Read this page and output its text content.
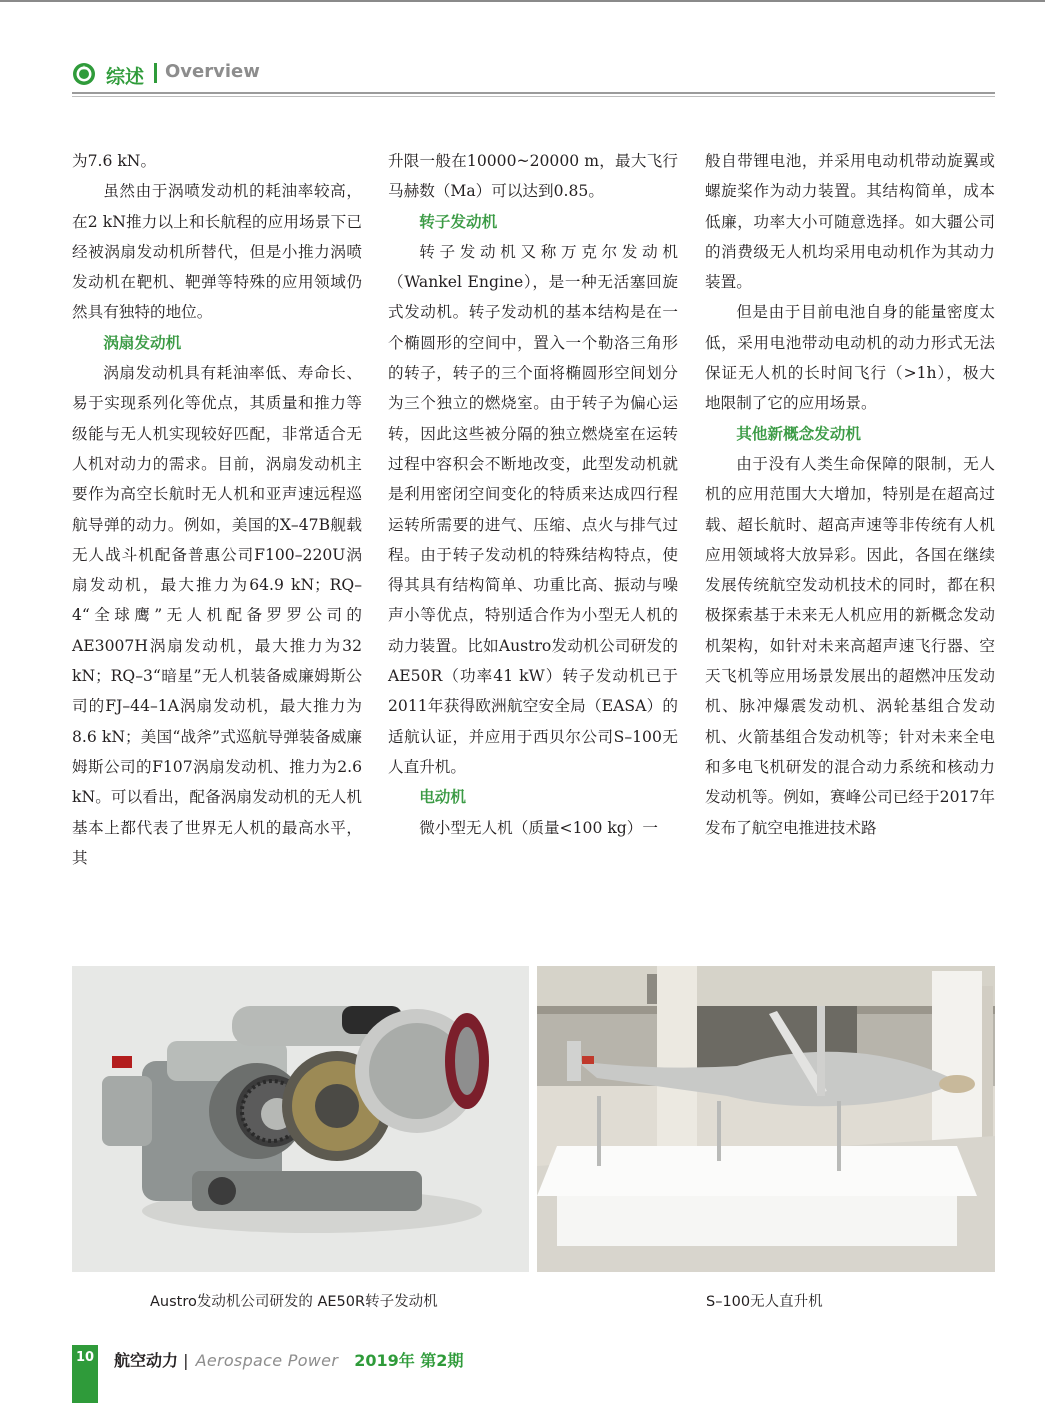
综述 Overview

为7.6 kN。

虽然由于涡喷发动机的耗油率较高，在2 kN推力以上和长航程的应用场景下已经被涡扇发动机所替代，但是小推力涡喷发动机在靶机、靶弹等特殊的应用领域仍然具有独特的地位。

涡扇发动机

涡扇发动机具有耗油率低、寿命长、易于实现系列化等优点，其质量和推力等级能与无人机实现较好匹配，非常适合无人机对动力的需求。目前，涡扇发动机主要作为高空长航时无人机和亚声速远程巡航导弹的动力。例如，美国的X–47B舰载无人战斗机配备普惠公司F100–220U涡扇发动机，最大推力为64.9 kN；RQ–4“全球鹰”无人机配备罗罗公司的AE3007H涡扇发动机，最大推力为32 kN；RQ–3“暗星”无人机装备威廉姆斯公司的FJ–44–1A涡扇发动机，最大推力为8.6 kN；美国“战斧”式巡航导弹装备威廉姆斯公司的F107涡扇发动机、推力为2.6 kN。可以看出，配备涡扇发动机的无人机基本上都代表了世界无人机的最高水平，其

升限一般在10000~20000 m，最大飞行马赫数（Ma）可以达到0.85。

转子发动机

转子发动机又称万克尔发动机（Wankel Engine），是一种无活塞回旋式发动机。转子发动机的基本结构是在一个椭圆形的空间中，置入一个勒洛三角形的转子，转子的三个面将椭圆形空间划分为三个独立的燃烧室。由于转子为偏心运转，因此这些被分隔的独立燃烧室在运转过程中容积会不断地改变，此型发动机就是利用密闭空间变化的特质来达成四行程运转所需要的进气、压缩、点火与排气过程。由于转子发动机的特殊结构特点，使得其具有结构简单、功重比高、振动与噪声小等优点，特别适合作为小型无人机的动力装置。比如Austro发动机公司研发的AE50R（功率41 kW）转子发动机已于2011年获得欧洲航空安全局（EASA）的适航认证，并应用于西贝尔公司S–100无人直升机。

电动机

微小型无人机（质量<100 kg）一

般自带锂电池，并采用电动机带动旋翼或螺旋桨作为动力装置。其结构简单，成本低廉，功率大小可随意选择。如大疆公司的消费级无人机均采用电动机作为其动力装置。

但是由于目前电池自身的能量密度太低，采用电池带动电动机的动力形式无法保证无人机的长时间飞行（>1h），极大地限制了它的应用场景。

其他新概念发动机

由于没有人类生命保障的限制，无人机的应用范围大大增加，特别是在超高过载、超长航时、超高声速等非传统有人机应用领域将大放异彩。因此，各国在继续发展传统航空发动机技术的同时，都在积极探索基于未来无人机应用的新概念发动机架构，如针对未来高超声速飞行器、空天飞机等应用场景发展出的超燃冲压发动机、脉冲爆震发动机、涡轮基组合发动机、火箭基组合发动机等；针对未来全电和多电飞机研发的混合动力系统和核动力发动机等。例如，赛峰公司已经于2017年发布了航空电推进技术路

Austro发动机公司研发的 AE50R转子发动机	S–100无人直升机
10 航空动力 | Aerospace Power 2019年 第2期
